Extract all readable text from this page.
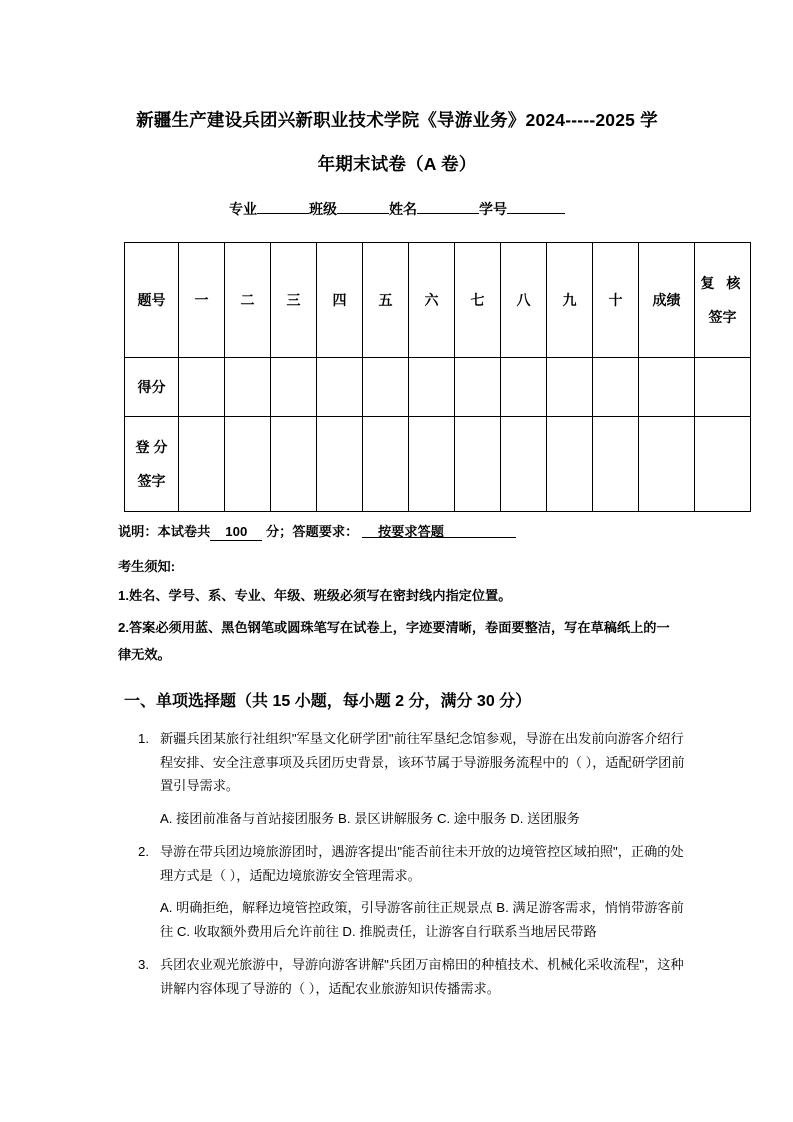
新疆生产建设兵团兴新职业技术学院《导游业务》2024-----2025 学
年期末试卷（A 卷）
专业	班级	姓名	学号
题号	一	二	三	四	五	六	七	八	九	十	成绩	复 核
签字

得分												

登 分
签字												

说明：本试卷共 100 分；答题要求： 按要求答题
考生须知:
1.姓名、学号、系、专业、年级、班级必须写在密封线内指定位置。
2.答案必须用蓝、黑色钢笔或圆珠笔写在试卷上，字迹要清晰，卷面要整洁，写在草稿纸上的一律无效。
一、单项选择题（共 15 小题，每小题 2 分，满分 30 分）
1. 新疆兵团某旅行社组织"军垦文化研学团"前往军垦纪念馆参观，导游在出发前向游客介绍行程安排、安全注意事项及兵团历史背景，该环节属于导游服务流程中的（ ），适配研学团前置引导需求。
A. 接团前准备与首站接团服务 B. 景区讲解服务 C. 途中服务 D. 送团服务
2. 导游在带兵团边境旅游团时，遇游客提出"能否前往未开放的边境管控区域拍照"，正确的处理方式是（ ），适配边境旅游安全管理需求。
A. 明确拒绝，解释边境管控政策，引导游客前往正规景点 B. 满足游客需求，悄悄带游客前往 C. 收取额外费用后允许前往 D. 推脱责任，让游客自行联系当地居民带路
3. 兵团农业观光旅游中，导游向游客讲解"兵团万亩棉田的种植技术、机械化采收流程"，这种讲解内容体现了导游的（ ），适配农业旅游知识传播需求。
